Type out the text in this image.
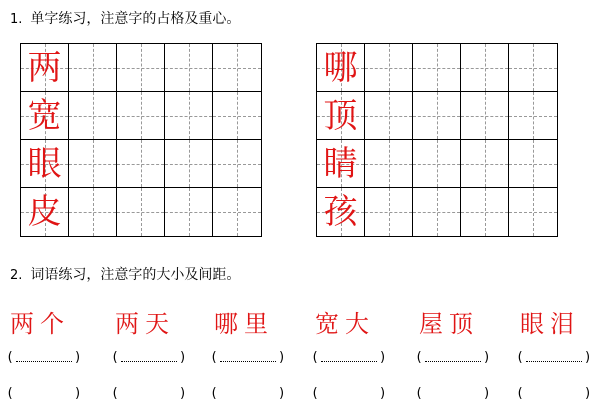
1. 单字练习，注意字的占格及重心。
两
宽
眼
皮
哪
顶
睛
孩
2. 词语练习，注意字的大小及间距。
两个 两天 哪里 宽大 屋顶 眼泪
(	)
(	)
(	)
(	)
(	)
(	)
(	)
(	)
(	)
(	)
(	)
(	)
